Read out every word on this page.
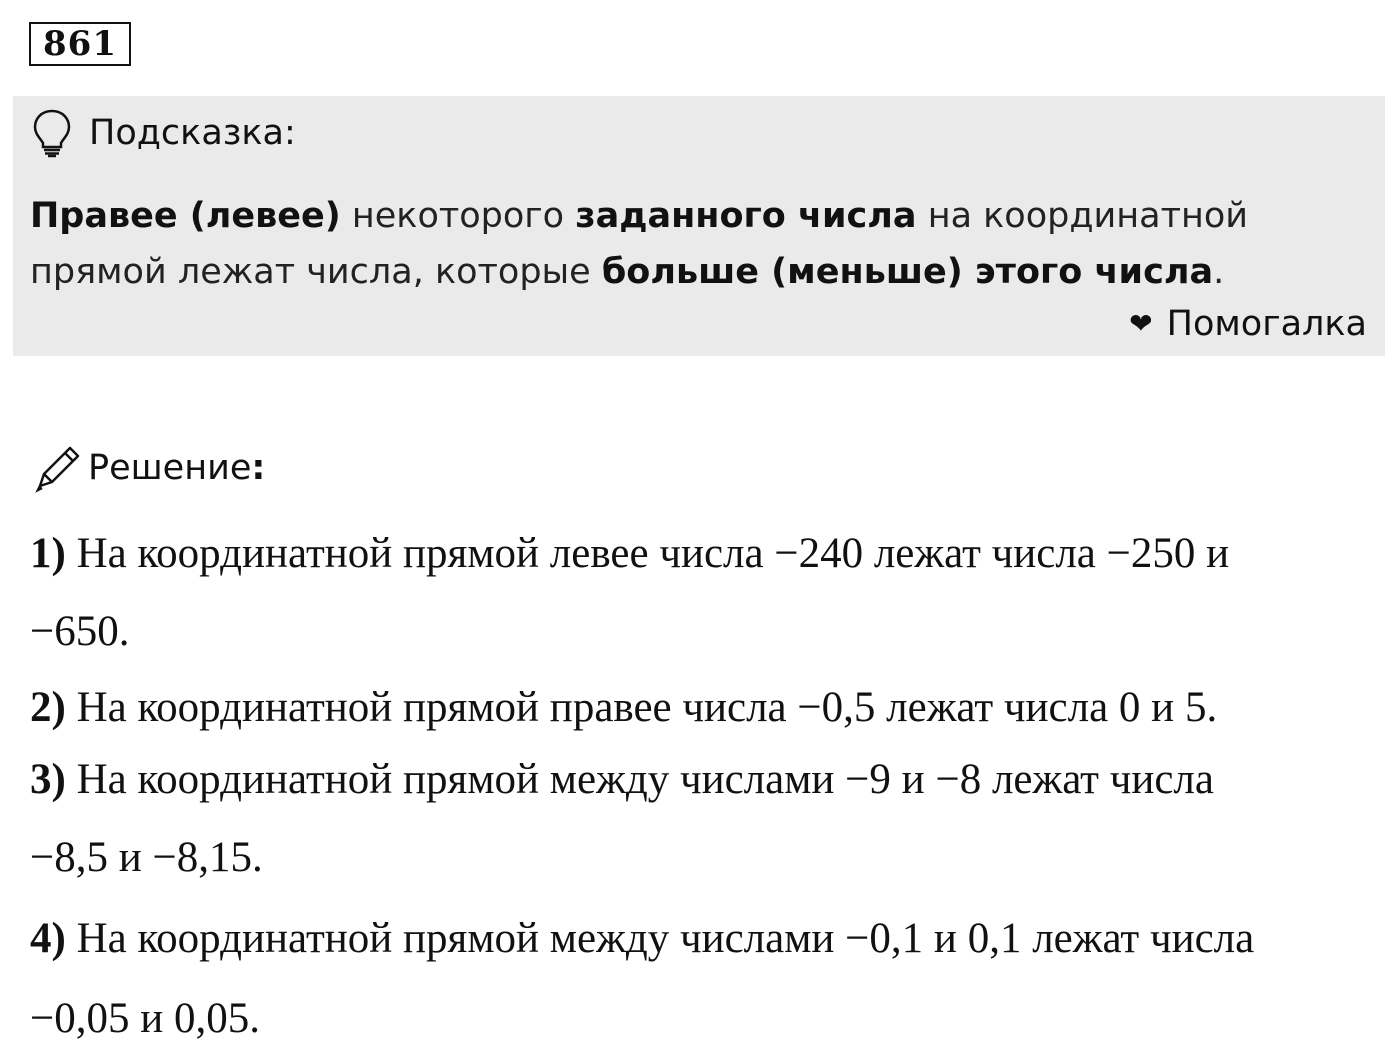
861
Подсказка:
Правее (левее) некоторого заданного числа на координатной
прямой лежат числа, которые больше (меньше) этого числа.
❤ Помогалка
Решение :
1) На координатной прямой левее числа −240 лежат числа −250 и
−650.
2) На координатной прямой правее числа −0,5 лежат числа 0 и 5.
3) На координатной прямой между числами −9 и −8 лежат числа
−8,5 и −8,15.
4) На координатной прямой между числами −0,1 и 0,1 лежат числа
−0,05 и 0,05.
